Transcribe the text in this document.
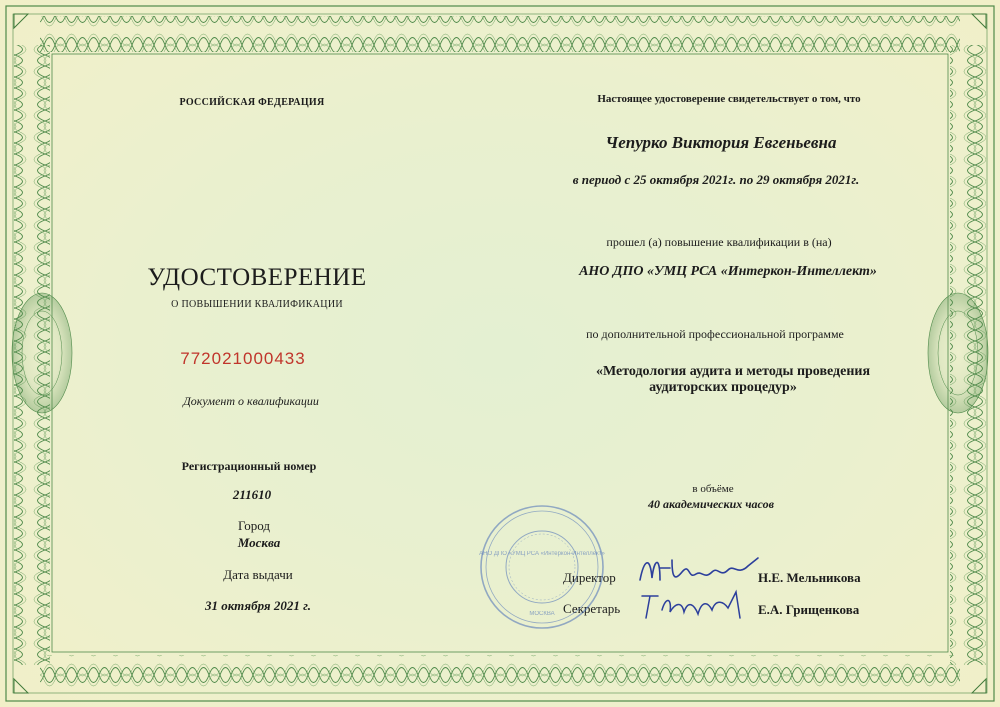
РОССИЙСКАЯ ФЕДЕРАЦИЯ
УДОСТОВЕРЕНИЕ
О ПОВЫШЕНИИ КВАЛИФИКАЦИИ
772021000433
Документ о квалификации
Регистрационный номер
211610
Город
Москва
Дата выдачи
31 октября 2021 г.
Настоящее удостоверение свидетельствует о том, что
Чепурко Виктория Евгеньевна
в период с 25 октября 2021г. по 29 октября 2021г.
прошел (а) повышение квалификации в (на)
АНО ДПО «УМЦ РСА «Интеркон-Интеллект»
по дополнительной профессиональной программе
«Методология аудита и методы проведения
аудиторских процедур»
в объёме
40 академических часов
Директор	Н.Е. Мельникова
Секретарь	Е.А. Грищенкова
АНО ДПО «УМЦ РСА «Интеркон-Интеллект»
МОСКВА
